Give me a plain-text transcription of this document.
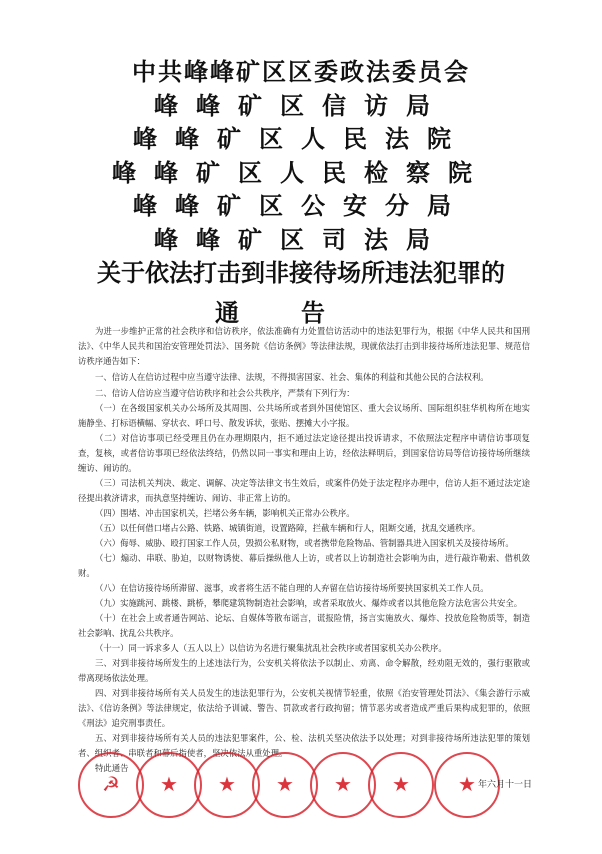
中共峰峰矿区区委政法委员会
峰峰矿区信访局
峰峰矿区人民法院
峰峰矿区人民检察院
峰峰矿区公安分局
峰峰矿区司法局
关于依法打击到非接待场所违法犯罪的
通告

为进一步维护正常的社会秩序和信访秩序，依法准确有力处置信访活动中的违法犯罪行为，根据《中华人民共和国刑法》、《中华人民共和国治安管理处罚法》、国务院《信访条例》等法律法规，现就依法打击到非接待场所违法犯罪、规范信访秩序通告如下：

一、信访人在信访过程中应当遵守法律、法规，不得损害国家、社会、集体的利益和其他公民的合法权利。

二、信访人信访应当遵守信访秩序和社会公共秩序，严禁有下列行为：

（一）在各级国家机关办公场所及其周围、公共场所或者到外国使馆区、重大会议场所、国际组织驻华机构所在地实施静坐、打标语横幅、穿状衣、呼口号、散发诉状，张贴、摆摊大小字报。

（二）对信访事项已经受理且仍在办理期限内，拒不通过法定途径提出投诉请求，不依照法定程序申请信访事项复查，复核，或者信访事项已经依法终结，仍然以同一事实和理由上访，经依法释明后，到国家信访局等信访接待场所继续缠访、闹访的。

（三）司法机关判决、裁定、调解、决定等法律文书生效后，或案件仍处于法定程序办理中，信访人拒不通过法定途径提出救济请求，而执意坚持缠访、闹访、非正常上访的。

（四）围堵、冲击国家机关，拦堵公务车辆，影响机关正常办公秩序。

（五）以任何借口堵占公路、铁路、城镇街道，设置路障，拦截车辆和行人，阻断交通，扰乱交通秩序。

（六）侮辱、威胁、殴打国家工作人员，毁损公私财物，或者携带危险物品、管制器具进入国家机关及接待场所。

（七）煽动、串联、胁迫，以财物诱使、幕后操纵他人上访，或者以上访制造社会影响为由，进行敲诈勒索、借机敛财。

（八）在信访接待场所滞留、滋事，或者将生活不能自理的人弃留在信访接待场所要挟国家机关工作人员。

（九）实施跳河、跳楼、跳桥，攀爬建筑物制造社会影响，或者采取放火、爆炸或者以其他危险方法危害公共安全。

（十）在社会上或者通告网站、论坛、自媒体等散布谣言，谎报险情，扬言实施放火、爆炸、投放危险物质等，制造社会影响、扰乱公共秩序。

（十一）同一诉求多人（五人以上）以信访为名进行聚集扰乱社会秩序或者国家机关办公秩序。

三、对到非接待场所发生的上述违法行为，公安机关将依法予以制止、劝离、命令解散，经劝阻无效的，强行驱散或带离现场依法处理。

四、对到非接待场所有关人员发生的违法犯罪行为，公安机关视情节轻重，依照《治安管理处罚法》、《集会游行示威法》、《信访条例》等法律规定，依法给予训诫、警告、罚款或者行政拘留；情节恶劣或者造成严重后果构成犯罪的，依照《刑法》追究刑事责任。

五、对到非接待场所有关人员的违法犯罪案件，公、检、法机关坚决依法予以处理；对到非接待场所违法犯罪的策划者、组织者、串联者和幕后指使者，坚决依法从重处理。

特此通告

☭	★	★	★	★	★	★ 年六月十一日
